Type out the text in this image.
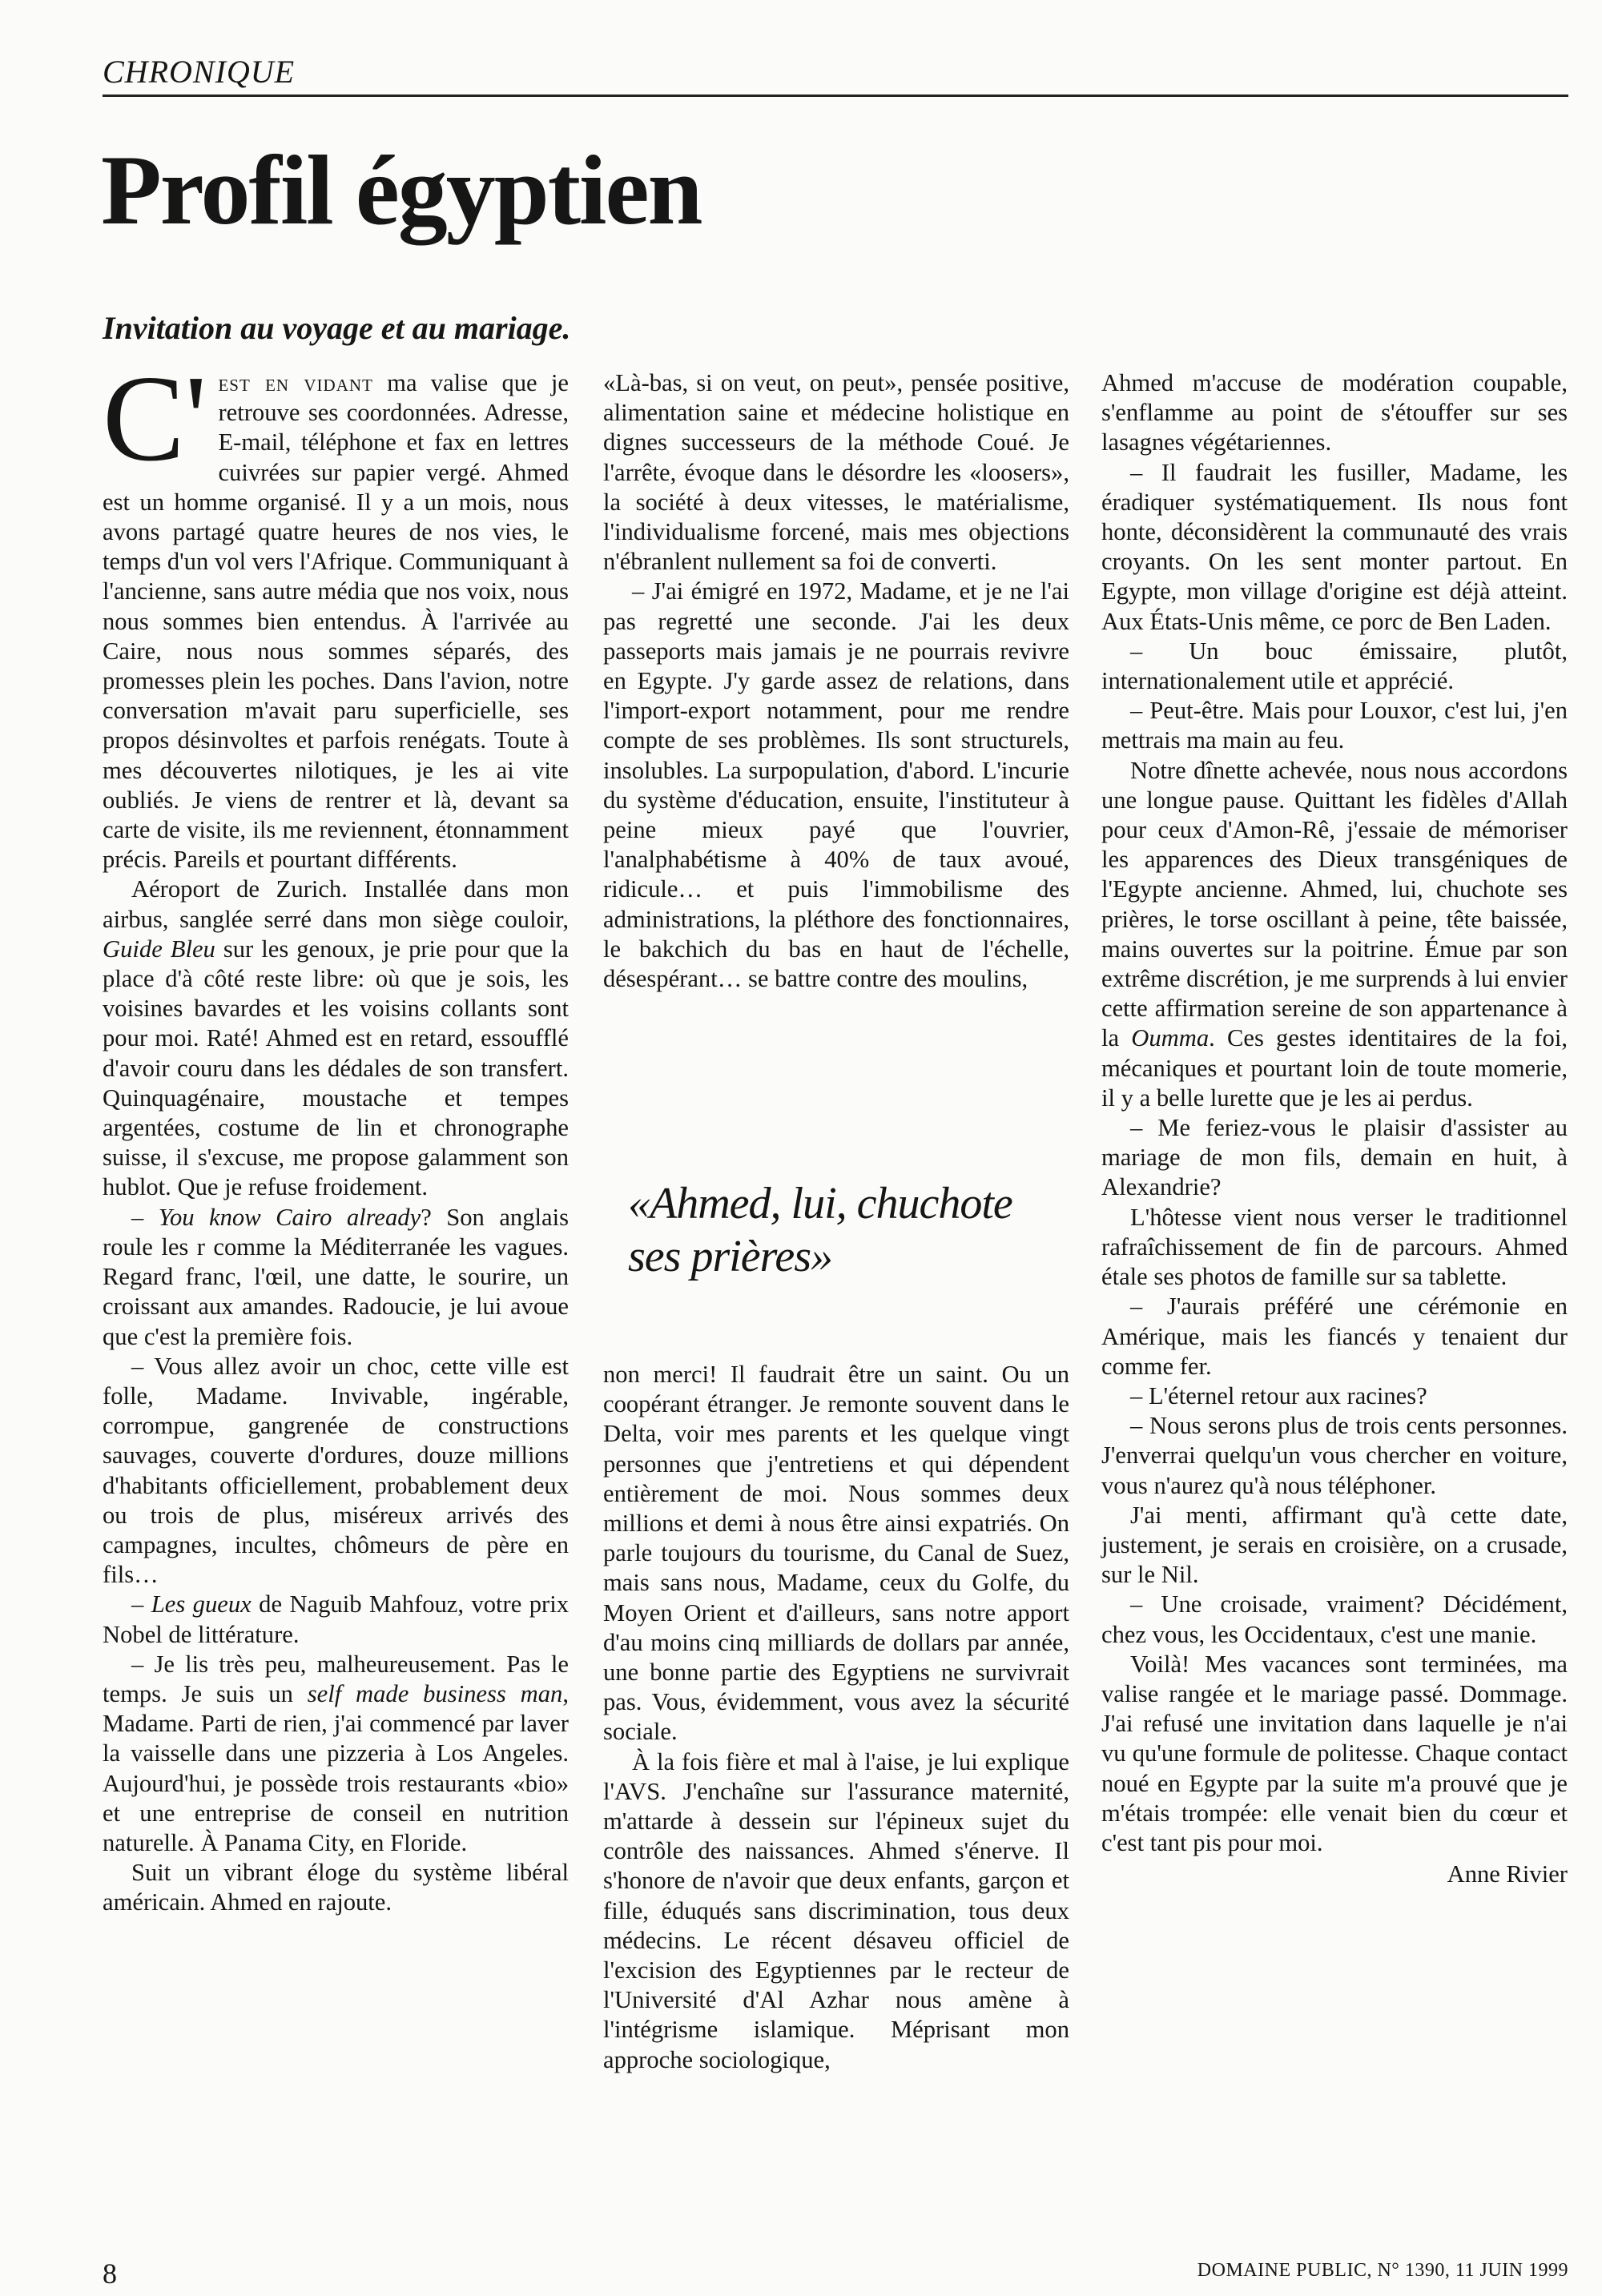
CHRONIQUE
Profil égyptien
Invitation au voyage et au mariage.

C' est en vidant ma valise que je retrouve ses coordonnées. Adresse, E-mail, téléphone et fax en lettres cuivrées sur papier vergé. Ahmed est un homme organisé. Il y a un mois, nous avons partagé quatre heures de nos vies, le temps d'un vol vers l'Afrique. Communiquant à l'ancienne, sans autre média que nos voix, nous nous sommes bien entendus. À l'arrivée au Caire, nous nous sommes séparés, des promesses plein les poches. Dans l'avion, notre conversation m'avait paru superficielle, ses propos désinvoltes et parfois renégats. Toute à mes découvertes nilotiques, je les ai vite oubliés. Je viens de rentrer et là, devant sa carte de visite, ils me reviennent, étonnamment précis. Pareils et pourtant différents.

Aéroport de Zurich. Installée dans mon airbus, sanglée serré dans mon siège couloir, Guide Bleu sur les genoux, je prie pour que la place d'à côté reste libre: où que je sois, les voisines bavardes et les voisins collants sont pour moi. Raté! Ahmed est en retard, essoufflé d'avoir couru dans les dédales de son transfert. Quinquagénaire, moustache et tempes argentées, costume de lin et chronographe suisse, il s'excuse, me propose galamment son hublot. Que je refuse froidement.

– You know Cairo already? Son anglais roule les r comme la Méditerranée les vagues. Regard franc, l'œil, une datte, le sourire, un croissant aux amandes. Radoucie, je lui avoue que c'est la première fois.

– Vous allez avoir un choc, cette ville est folle, Madame. Invivable, ingérable, corrompue, gangrenée de constructions sauvages, couverte d'ordures, douze millions d'habitants officiellement, probablement deux ou trois de plus, miséreux arrivés des campagnes, incultes, chômeurs de père en fils…

– Les gueux de Naguib Mahfouz, votre prix Nobel de littérature.

– Je lis très peu, malheureusement. Pas le temps. Je suis un self made business man, Madame. Parti de rien, j'ai commencé par laver la vaisselle dans une pizzeria à Los Angeles. Aujourd'hui, je possède trois restaurants «bio» et une entreprise de conseil en nutrition naturelle. À Panama City, en Floride.

Suit un vibrant éloge du système libéral américain. Ahmed en rajoute.

«Là-bas, si on veut, on peut», pensée positive, alimentation saine et médecine holistique en dignes successeurs de la méthode Coué. Je l'arrête, évoque dans le désordre les «loosers», la société à deux vitesses, le matérialisme, l'individualisme forcené, mais mes objections n'ébranlent nullement sa foi de converti.

– J'ai émigré en 1972, Madame, et je ne l'ai pas regretté une seconde. J'ai les deux passeports mais jamais je ne pourrais revivre en Egypte. J'y garde assez de relations, dans l'import-export notamment, pour me rendre compte de ses problèmes. Ils sont structurels, insolubles. La surpopulation, d'abord. L'incurie du système d'éducation, ensuite, l'instituteur à peine mieux payé que l'ouvrier, l'analphabétisme à 40% de taux avoué, ridicule… et puis l'immobilisme des administrations, la pléthore des fonctionnaires, le bakchich du bas en haut de l'échelle, désespérant… se battre contre des moulins,

«Ahmed, lui, chuchote ses prières»

non merci! Il faudrait être un saint. Ou un coopérant étranger. Je remonte souvent dans le Delta, voir mes parents et les quelque vingt personnes que j'entretiens et qui dépendent entièrement de moi. Nous sommes deux millions et demi à nous être ainsi expatriés. On parle toujours du tourisme, du Canal de Suez, mais sans nous, Madame, ceux du Golfe, du Moyen Orient et d'ailleurs, sans notre apport d'au moins cinq milliards de dollars par année, une bonne partie des Egyptiens ne survivrait pas. Vous, évidemment, vous avez la sécurité sociale.

À la fois fière et mal à l'aise, je lui explique l'AVS. J'enchaîne sur l'assurance maternité, m'attarde à dessein sur l'épineux sujet du contrôle des naissances. Ahmed s'énerve. Il s'honore de n'avoir que deux enfants, garçon et fille, éduqués sans discrimination, tous deux médecins. Le récent désaveu officiel de l'excision des Egyptiennes par le recteur de l'Université d'Al Azhar nous amène à l'intégrisme islamique. Méprisant mon approche sociologique,

Ahmed m'accuse de modération coupable, s'enflamme au point de s'étouffer sur ses lasagnes végétariennes.

– Il faudrait les fusiller, Madame, les éradiquer systématiquement. Ils nous font honte, déconsidèrent la communauté des vrais croyants. On les sent monter partout. En Egypte, mon village d'origine est déjà atteint. Aux États-Unis même, ce porc de Ben Laden.

– Un bouc émissaire, plutôt, internationalement utile et apprécié.

– Peut-être. Mais pour Louxor, c'est lui, j'en mettrais ma main au feu.

Notre dînette achevée, nous nous accordons une longue pause. Quittant les fidèles d'Allah pour ceux d'Amon-Rê, j'essaie de mémoriser les apparences des Dieux transgéniques de l'Egypte ancienne. Ahmed, lui, chuchote ses prières, le torse oscillant à peine, tête baissée, mains ouvertes sur la poitrine. Émue par son extrême discrétion, je me surprends à lui envier cette affirmation sereine de son appartenance à la Oumma. Ces gestes identitaires de la foi, mécaniques et pourtant loin de toute momerie, il y a belle lurette que je les ai perdus.

– Me feriez-vous le plaisir d'assister au mariage de mon fils, demain en huit, à Alexandrie?

L'hôtesse vient nous verser le traditionnel rafraîchissement de fin de parcours. Ahmed étale ses photos de famille sur sa tablette.

– J'aurais préféré une cérémonie en Amérique, mais les fiancés y tenaient dur comme fer.

– L'éternel retour aux racines?

– Nous serons plus de trois cents personnes. J'enverrai quelqu'un vous chercher en voiture, vous n'aurez qu'à nous téléphoner.

J'ai menti, affirmant qu'à cette date, justement, je serais en croisière, on a crusade, sur le Nil.

– Une croisade, vraiment? Décidément, chez vous, les Occidentaux, c'est une manie.

Voilà! Mes vacances sont terminées, ma valise rangée et le mariage passé. Dommage. J'ai refusé une invitation dans laquelle je n'ai vu qu'une formule de politesse. Chaque contact noué en Egypte par la suite m'a prouvé que je m'étais trompée: elle venait bien du cœur et c'est tant pis pour moi.

Anne Rivier

8	DOMAINE PUBLIC, N° 1390, 11 JUIN 1999
